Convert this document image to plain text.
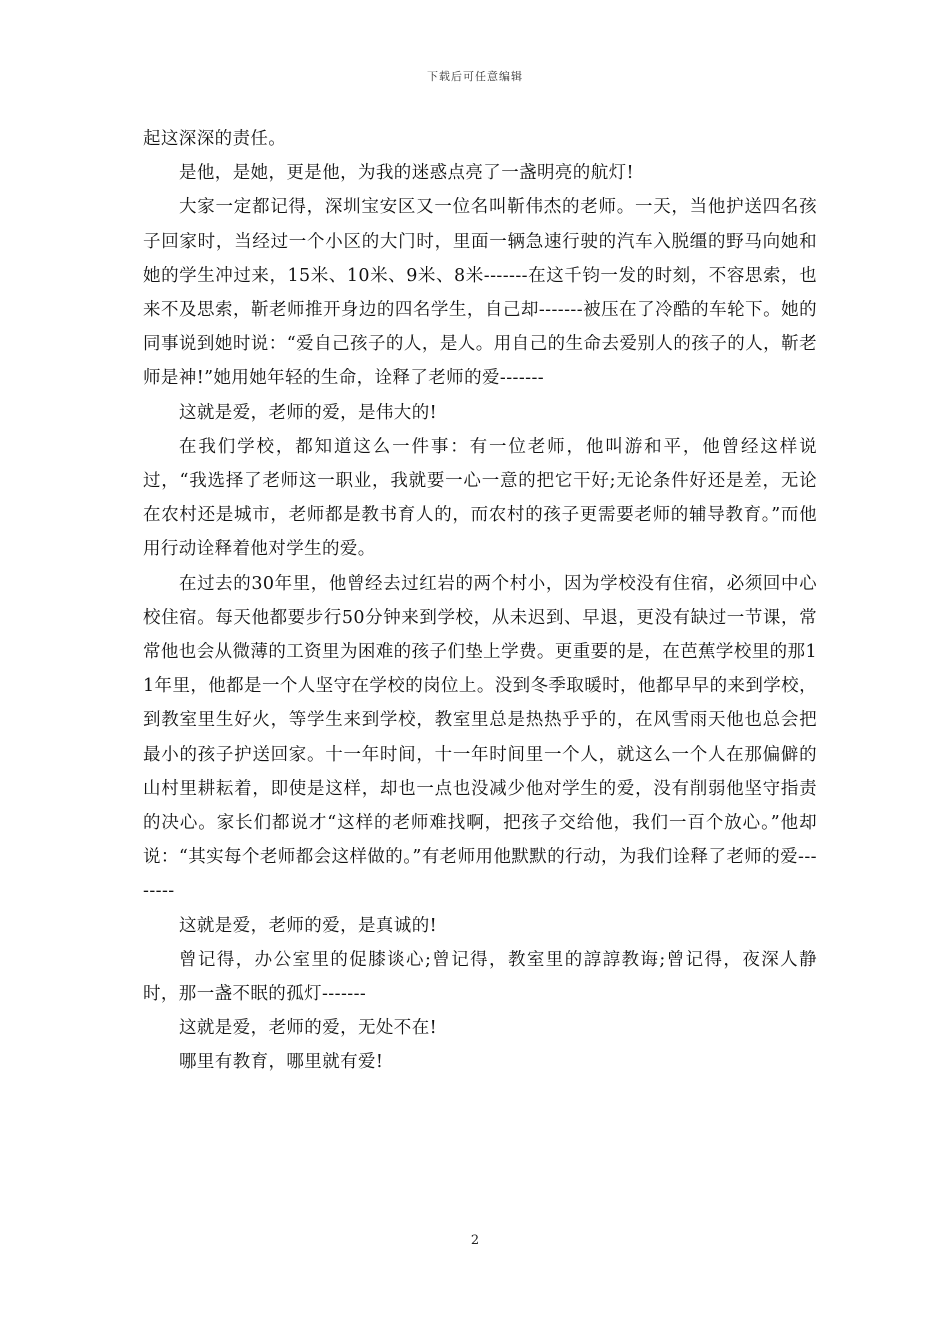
下载后可任意编辑

起这深深的责任。

是他，是她，更是他，为我的迷惑点亮了一盏明亮的航灯!

大家一定都记得，深圳宝安区又一位名叫靳伟杰的老师。一天，当他护送四名孩子回家时，当经过一个小区的大门时，里面一辆急速行驶的汽车入脱缰的野马向她和她的学生冲过来，15米、10米、9米、8米-------在这千钧一发的时刻，不容思索，也来不及思索，靳老师推开身边的四名学生，自己却-------被压在了冷酷的车轮下。她的同事说到她时说：“爱自己孩子的人，是人。用自己的生命去爱别人的孩子的人，靳老师是神!”她用她年轻的生命，诠释了老师的爱-------

这就是爱，老师的爱，是伟大的!

在我们学校，都知道这么一件事：有一位老师，他叫游和平，他曾经这样说过，“我选择了老师这一职业，我就要一心一意的把它干好;无论条件好还是差，无论在农村还是城市，老师都是教书育人的，而农村的孩子更需要老师的辅导教育。”而他用行动诠释着他对学生的爱。

在过去的30年里，他曾经去过红岩的两个村小，因为学校没有住宿，必须回中心校住宿。每天他都要步行50分钟来到学校，从未迟到、早退，更没有缺过一节课，常常他也会从微薄的工资里为困难的孩子们垫上学费。更重要的是，在芭蕉学校里的那11年里，他都是一个人坚守在学校的岗位上。没到冬季取暖时，他都早早的来到学校，到教室里生好火，等学生来到学校，教室里总是热热乎乎的，在风雪雨天他也总会把最小的孩子护送回家。十一年时间，十一年时间里一个人，就这么一个人在那偏僻的山村里耕耘着，即使是这样，却也一点也没减少他对学生的爱，没有削弱他坚守指责的决心。家长们都说才“这样的老师难找啊，把孩子交给他，我们一百个放心。”他却说：“其实每个老师都会这样做的。”有老师用他默默的行动，为我们诠释了老师的爱--------

这就是爱，老师的爱，是真诚的!

曾记得，办公室里的促膝谈心;曾记得，教室里的諄諄教诲;曾记得，夜深人静时，那一盏不眠的孤灯-------

这就是爱，老师的爱，无处不在!

哪里有教育，哪里就有爱!

2
